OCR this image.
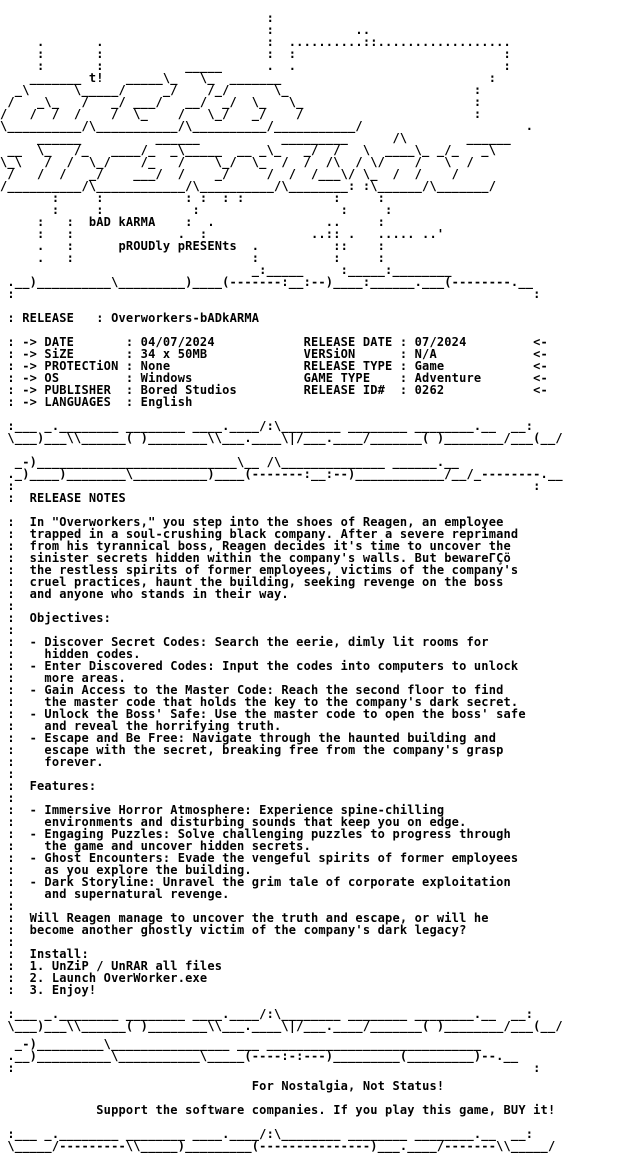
:
:           ..
.       .                      :  ..........::..................
:       :                      :  :                            :
:       :           _____      .  .                            :
_______ t!   _____\_   \_  _______                            :
_\      \_____/     _/    /_/      \_                         :
/   _\_   /   _/ ___/   __/  _/  \_   \_                       :
/   /  /  /    /  \_    /   \_/   _/    /                       :
\__________/\___________/\__________/___________/                      .
______          ______           _________      /\        ______
__  \_   /_   ____/_  _\_____  __ _\_   _/  /   \  ____\_ _/_   _\
\_\   /  /  \_/    /_   /    \_/  \_  /  /  /\  / \/    /   \  /
/   /  /   _/    ___/  /    _/     /  /  /___\/ \_  /  /    /
/__________/\____________/\__________/\________: :\______/\_______/
:     :           : :  : :            :     :
:     :            :                   :     :
:   :  bAD kARMA    :  .               ..     :
:   :              .  :              ..:: .   ..... ..'
.   :      pROUDly pRESENts  .          ::    :
.   :                        :          :     :
_:_____     :_____:________
.__)__________\_________)____(-------:__:--)____:______.___(--------.__
:                                                                      :
: RELEASE   : Overworkers-bADkARMA
:___ _.________ ________ ____.____/:\________ ________ ________.__  __:
\___)___\\______( )________\\___.____\|/___.____/_______( )________/___(__/
: -> DATE       : 04/07/2024            RELEASE DATE : 07/2024         <-
: -> SiZE       : 34 x 50MB             VERSiON      : N/A             <-
: -> PROTECTiON : None                  RELEASE TYPE : Game            <-
: -> OS         : Windows               GAME TYPE    : Adventure       <-
: -> PUBLISHER  : Bored Studios         RELEASE ID#  : 0262            <-
: -> LANGUAGES  : English
_-)___________________________\__ /\______________ ______.__
._)____)________\__________)____(-------:__:--)____________/__/_--------.__
:                                                                      :
:  RELEASE NOTES
:  In "Overworkers," you step into the shoes of Reagen, an employee
:  trapped in a soul-crushing black company. After a severe reprimand
:  from his tyrannical boss, Reagen decides it's time to uncover the
:  sinister secrets hidden within the company's walls. But bewareΓÇö
:  the restless spirits of former employees, victims of the company's
:  cruel practices, haunt the building, seeking revenge on the boss
:  and anyone who stands in their way.
:
:  Objectives:
:
:  - Discover Secret Codes: Search the eerie, dimly lit rooms for
:    hidden codes.
:  - Enter Discovered Codes: Input the codes into computers to unlock
:    more areas.
:  - Gain Access to the Master Code: Reach the second floor to find
:    the master code that holds the key to the company's dark secret.
:  - Unlock the Boss' Safe: Use the master code to open the boss' safe
:    and reveal the horrifying truth.
:  - Escape and Be Free: Navigate through the haunted building and
:    escape with the secret, breaking free from the company's grasp
:    forever.
:
:  Features:
:
:  - Immersive Horror Atmosphere: Experience spine-chilling
:    environments and disturbing sounds that keep you on edge.
:  - Engaging Puzzles: Solve challenging puzzles to progress through
:    the game and uncover hidden secrets.
:  - Ghost Encounters: Evade the vengeful spirits of former employees
:    as you explore the building.
:  - Dark Storyline: Unravel the grim tale of corporate exploitation
:    and supernatural revenge.
:
:  Will Reagen manage to uncover the truth and escape, or will he
:  become another ghostly victim of the company's dark legacy?
:
:  Install:
:  1. UnZiP / UnRAR all files
:  2. Launch OverWorker.exe
:  3. Enjoy!
:___ _.________ ________ ____.____/:\________ ________ ________.__  __:
\___)___\\______( )________\\___.____\|/___.____/_______( )________/___(__/
_-)_________\________________ ___ _____________________________
.__)__________\___________\_____(----:-:---)_________(_________)--.__
:                                                                      :
For Nostalgia, Not Status!
Support the software companies. If you play this game, BUY it!
:___ _.________ ________ ____.____/:\________ ________ ________.__  __:
\_____/---------\\_____)_________(---------------)___.____/-------\\_____/
